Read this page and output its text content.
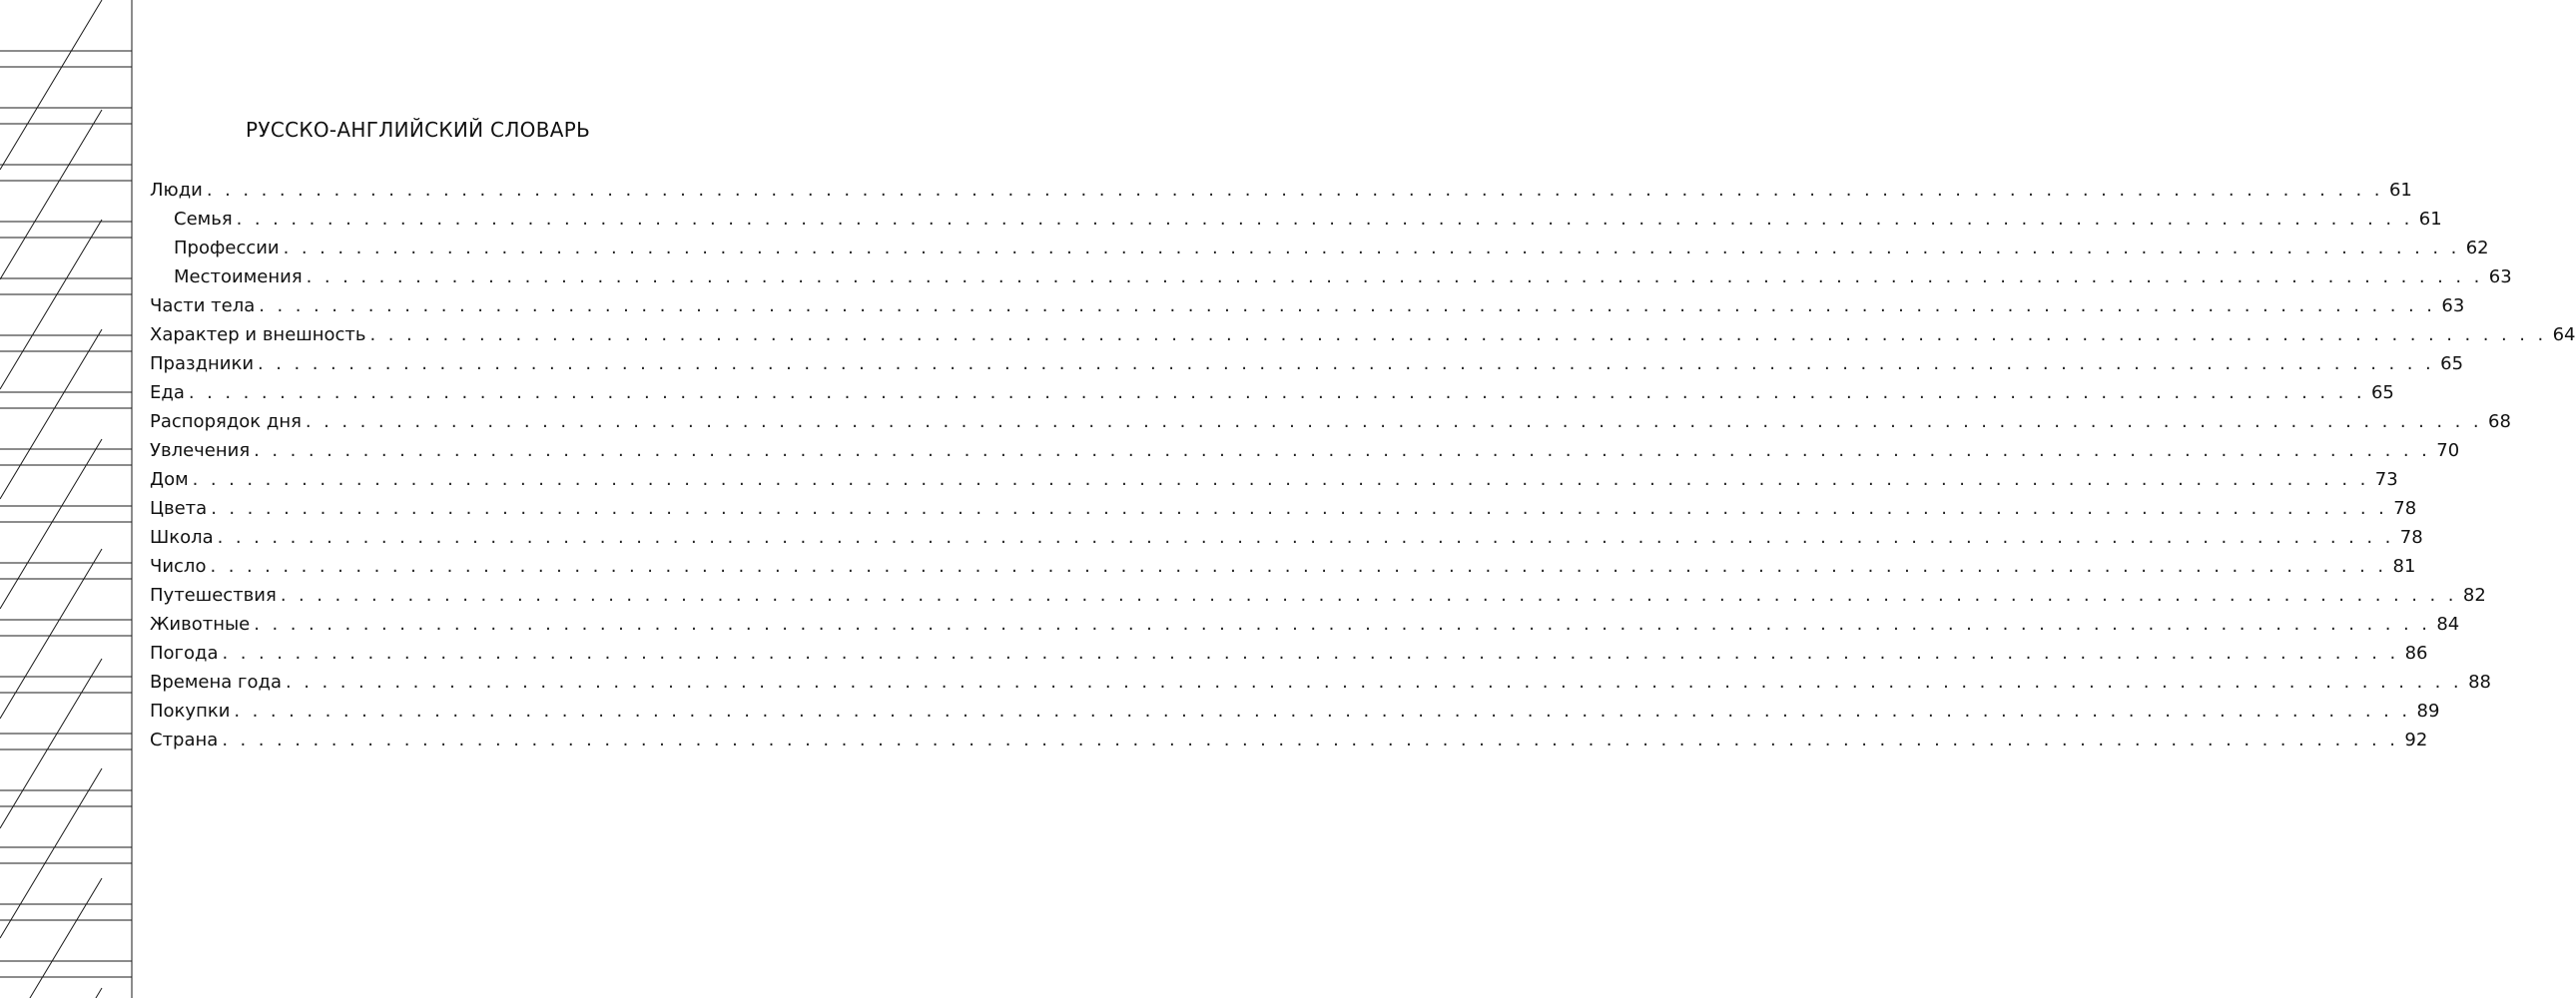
РУССКО-АНГЛИЙСКИЙ СЛОВАРЬ
Люди . . . . . . . . . . . . . . . . . . . . . . . . . . . . . . . . . . . . . . . . . . . . . . . . . . . . . . . . . . . . . . . . . . . . . . . . . . . . . . . . . . . . . . . . . . . . . . . . . . . . . . . . . . . . . . . . . . . . . . . . 61
Семья . . . . . . . . . . . . . . . . . . . . . . . . . . . . . . . . . . . . . . . . . . . . . . . . . . . . . . . . . . . . . . . . . . . . . . . . . . . . . . . . . . . . . . . . . . . . . . . . . . . . . . . . . . . . . . . . . . . . . . . . 61
Профессии . . . . . . . . . . . . . . . . . . . . . . . . . . . . . . . . . . . . . . . . . . . . . . . . . . . . . . . . . . . . . . . . . . . . . . . . . . . . . . . . . . . . . . . . . . . . . . . . . . . . . . . . . . . . . . . . . . . . . . . . 62
Местоимения . . . . . . . . . . . . . . . . . . . . . . . . . . . . . . . . . . . . . . . . . . . . . . . . . . . . . . . . . . . . . . . . . . . . . . . . . . . . . . . . . . . . . . . . . . . . . . . . . . . . . . . . . . . . . . . . . . . . . . . . 63
Части тела . . . . . . . . . . . . . . . . . . . . . . . . . . . . . . . . . . . . . . . . . . . . . . . . . . . . . . . . . . . . . . . . . . . . . . . . . . . . . . . . . . . . . . . . . . . . . . . . . . . . . . . . . . . . . . . . . . . . . . . . 63
Характер и внешность . . . . . . . . . . . . . . . . . . . . . . . . . . . . . . . . . . . . . . . . . . . . . . . . . . . . . . . . . . . . . . . . . . . . . . . . . . . . . . . . . . . . . . . . . . . . . . . . . . . . . . . . . . . . . . . . . . . . . . . . 64
Праздники . . . . . . . . . . . . . . . . . . . . . . . . . . . . . . . . . . . . . . . . . . . . . . . . . . . . . . . . . . . . . . . . . . . . . . . . . . . . . . . . . . . . . . . . . . . . . . . . . . . . . . . . . . . . . . . . . . . . . . . . 65
Еда . . . . . . . . . . . . . . . . . . . . . . . . . . . . . . . . . . . . . . . . . . . . . . . . . . . . . . . . . . . . . . . . . . . . . . . . . . . . . . . . . . . . . . . . . . . . . . . . . . . . . . . . . . . . . . . . . . . . . . . . 65
Распорядок дня . . . . . . . . . . . . . . . . . . . . . . . . . . . . . . . . . . . . . . . . . . . . . . . . . . . . . . . . . . . . . . . . . . . . . . . . . . . . . . . . . . . . . . . . . . . . . . . . . . . . . . . . . . . . . . . . . . . . . . . . 68
Увлечения . . . . . . . . . . . . . . . . . . . . . . . . . . . . . . . . . . . . . . . . . . . . . . . . . . . . . . . . . . . . . . . . . . . . . . . . . . . . . . . . . . . . . . . . . . . . . . . . . . . . . . . . . . . . . . . . . . . . . . . . 70
Дом . . . . . . . . . . . . . . . . . . . . . . . . . . . . . . . . . . . . . . . . . . . . . . . . . . . . . . . . . . . . . . . . . . . . . . . . . . . . . . . . . . . . . . . . . . . . . . . . . . . . . . . . . . . . . . . . . . . . . . . . 73
Цвета . . . . . . . . . . . . . . . . . . . . . . . . . . . . . . . . . . . . . . . . . . . . . . . . . . . . . . . . . . . . . . . . . . . . . . . . . . . . . . . . . . . . . . . . . . . . . . . . . . . . . . . . . . . . . . . . . . . . . . . . 78
Школа . . . . . . . . . . . . . . . . . . . . . . . . . . . . . . . . . . . . . . . . . . . . . . . . . . . . . . . . . . . . . . . . . . . . . . . . . . . . . . . . . . . . . . . . . . . . . . . . . . . . . . . . . . . . . . . . . . . . . . . . 78
Число . . . . . . . . . . . . . . . . . . . . . . . . . . . . . . . . . . . . . . . . . . . . . . . . . . . . . . . . . . . . . . . . . . . . . . . . . . . . . . . . . . . . . . . . . . . . . . . . . . . . . . . . . . . . . . . . . . . . . . . . 81
Путешествия . . . . . . . . . . . . . . . . . . . . . . . . . . . . . . . . . . . . . . . . . . . . . . . . . . . . . . . . . . . . . . . . . . . . . . . . . . . . . . . . . . . . . . . . . . . . . . . . . . . . . . . . . . . . . . . . . . . . . . . . 82
Животные . . . . . . . . . . . . . . . . . . . . . . . . . . . . . . . . . . . . . . . . . . . . . . . . . . . . . . . . . . . . . . . . . . . . . . . . . . . . . . . . . . . . . . . . . . . . . . . . . . . . . . . . . . . . . . . . . . . . . . . . 84
Погода . . . . . . . . . . . . . . . . . . . . . . . . . . . . . . . . . . . . . . . . . . . . . . . . . . . . . . . . . . . . . . . . . . . . . . . . . . . . . . . . . . . . . . . . . . . . . . . . . . . . . . . . . . . . . . . . . . . . . . . . 86
Времена года . . . . . . . . . . . . . . . . . . . . . . . . . . . . . . . . . . . . . . . . . . . . . . . . . . . . . . . . . . . . . . . . . . . . . . . . . . . . . . . . . . . . . . . . . . . . . . . . . . . . . . . . . . . . . . . . . . . . . . . . 88
Покупки . . . . . . . . . . . . . . . . . . . . . . . . . . . . . . . . . . . . . . . . . . . . . . . . . . . . . . . . . . . . . . . . . . . . . . . . . . . . . . . . . . . . . . . . . . . . . . . . . . . . . . . . . . . . . . . . . . . . . . . . 89
Страна . . . . . . . . . . . . . . . . . . . . . . . . . . . . . . . . . . . . . . . . . . . . . . . . . . . . . . . . . . . . . . . . . . . . . . . . . . . . . . . . . . . . . . . . . . . . . . . . . . . . . . . . . . . . . . . . . . . . . . . . 92
